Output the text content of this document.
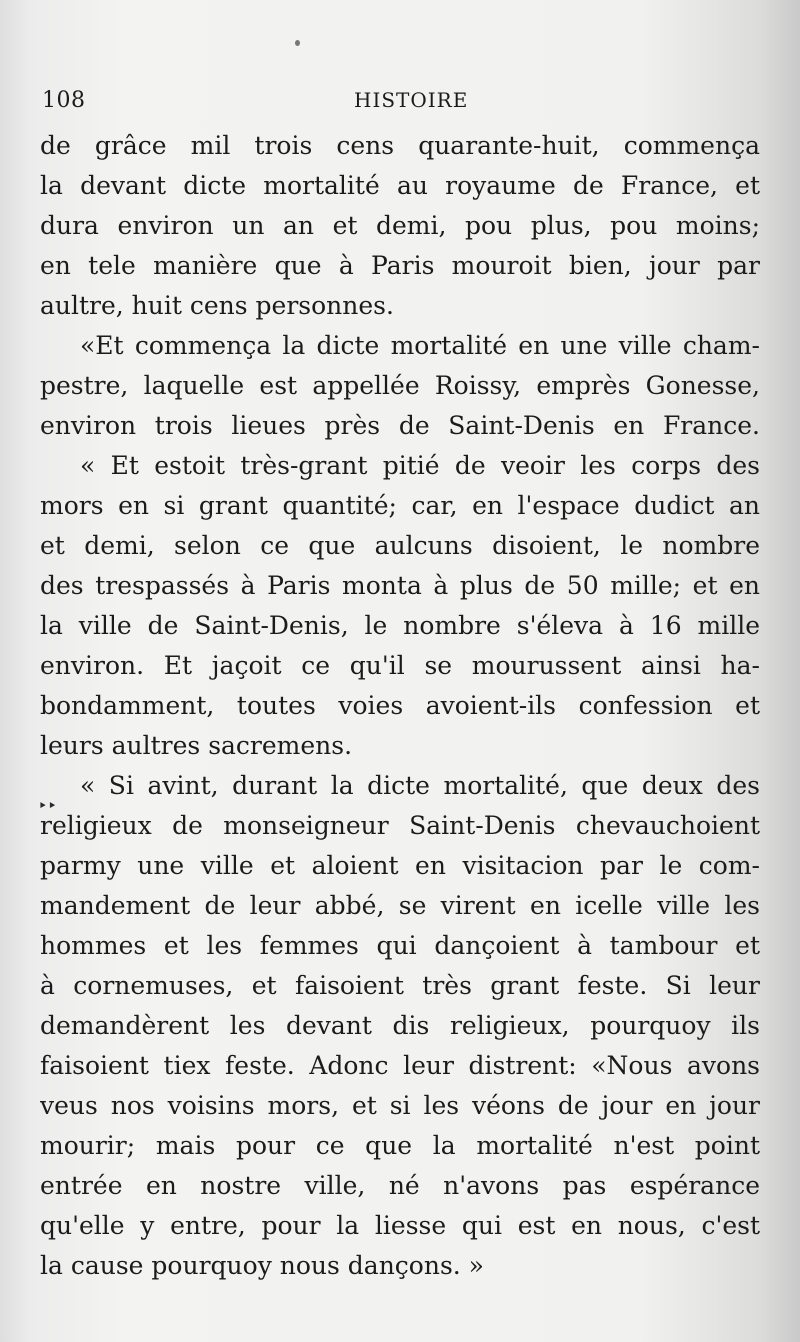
108	HISTOIRE
‣‣
de grâce mil trois cens quarante-huit, commença
la devant dicte mortalité au royaume de France, et
dura environ un an et demi, pou plus, pou moins;
en tele manière que à Paris mouroit bien, jour par
aultre, huit cens personnes.
«Et commença la dicte mortalité en une ville cham-
pestre, laquelle est appellée Roissy, emprès Gonesse,
environ trois lieues près de Saint-Denis en France.
« Et estoit très-grant pitié de veoir les corps des
mors en si grant quantité; car, en l'espace dudict an
et demi, selon ce que aulcuns disoient, le nombre
des trespassés à Paris monta à plus de 50 mille; et en
la ville de Saint-Denis, le nombre s'éleva à 16 mille
environ. Et jaçoit ce qu'il se mourussent ainsi ha-
bondamment, toutes voies avoient-ils confession et
leurs aultres sacremens.
« Si avint, durant la dicte mortalité, que deux des
religieux de monseigneur Saint-Denis chevauchoient
parmy une ville et aloient en visitacion par le com-
mandement de leur abbé, se virent en icelle ville les
hommes et les femmes qui dançoient à tambour et
à cornemuses, et faisoient très grant feste. Si leur
demandèrent les devant dis religieux, pourquoy ils
faisoient tiex feste. Adonc leur distrent: «Nous avons
veus nos voisins mors, et si les véons de jour en jour
mourir; mais pour ce que la mortalité n'est point
entrée en nostre ville, né n'avons pas espérance
qu'elle y entre, pour la liesse qui est en nous, c'est
la cause pourquoy nous dançons. »
